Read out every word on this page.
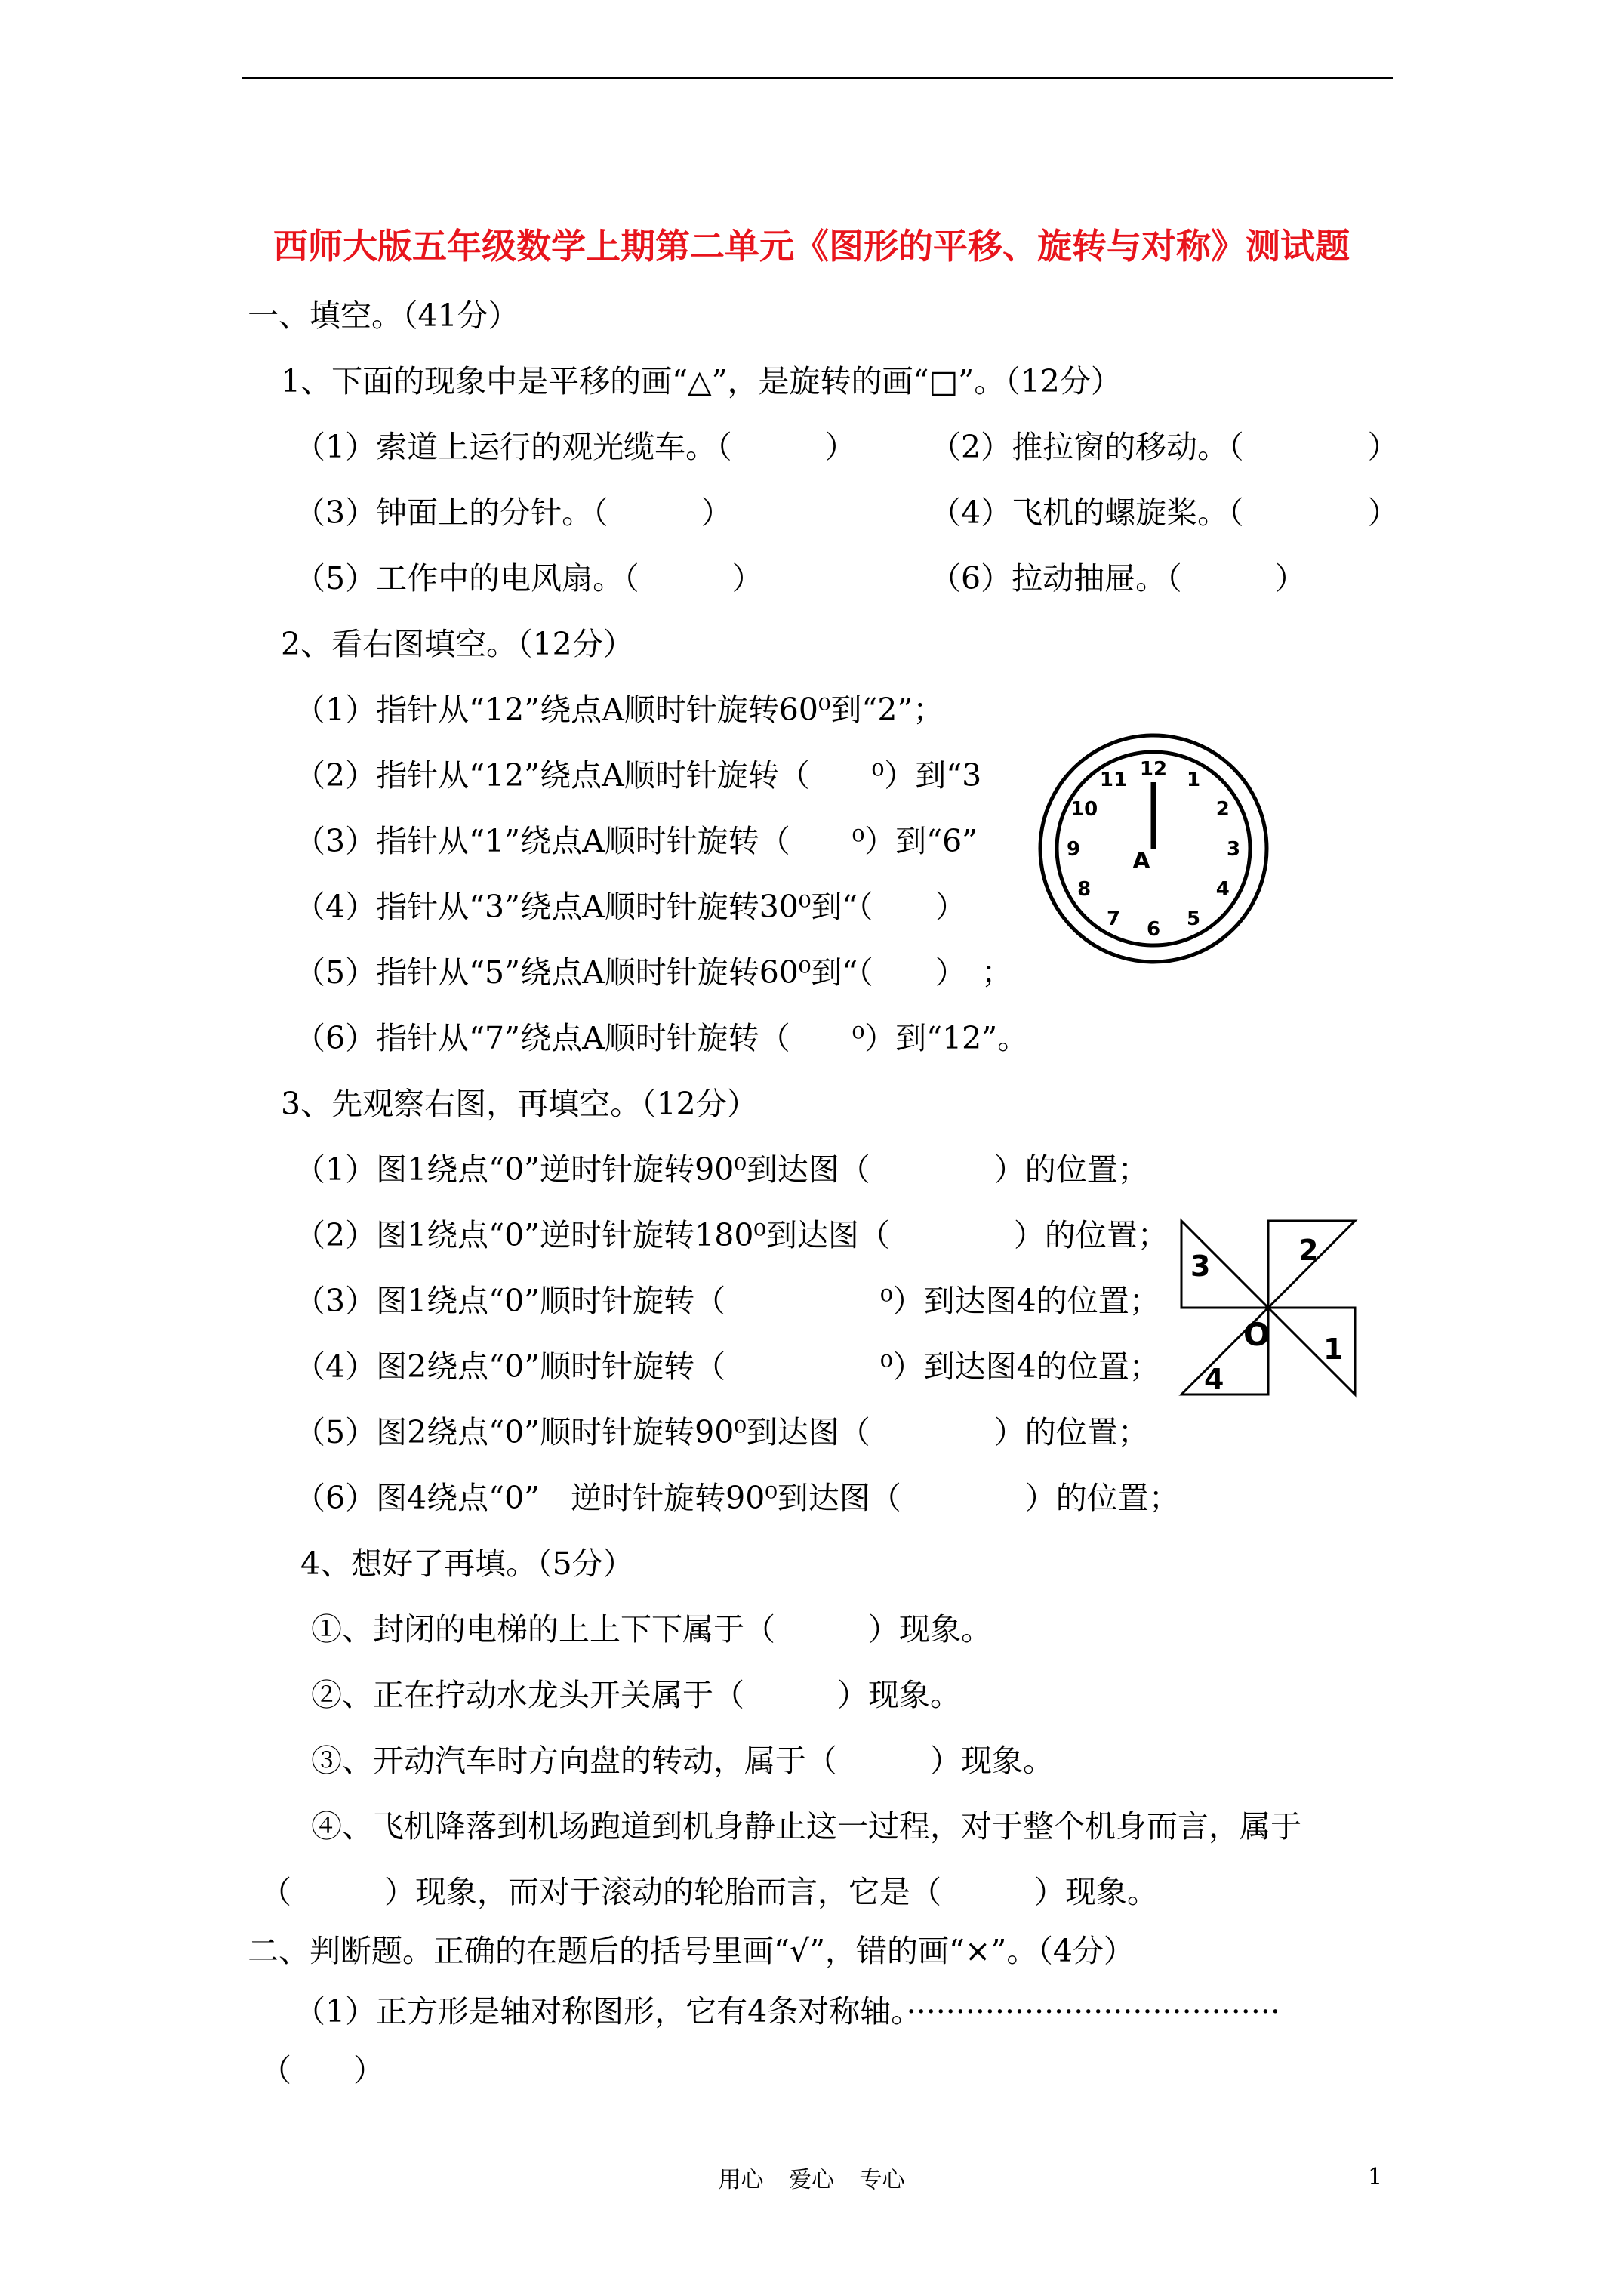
西师大版五年级数学上期第二单元《图形的平移、旋转与对称》测试题
一、填空。（41分）
1、下面的现象中是平移的画“△”，是旋转的画“□”。（12分）
（1）索道上运行的观光缆车。（　　　） （2）推拉窗的移动。（　　　　）
（3）钟面上的分针。（　　　）	（4）飞机的螺旋桨。（　　　　）
（5）工作中的电风扇。（　　　）	（6）拉动抽屉。（　　　）
2、看右图填空。（12分）
（1）指针从“12”绕点A顺时针旋转60⁰到“2”；
（2）指针从“12”绕点A顺时针旋转（　　⁰）到“3
（3）指针从“1”绕点A顺时针旋转（　　⁰）到“6”
（4）指针从“3”绕点A顺时针旋转30⁰到“（　　）
（5）指针从“5”绕点A顺时针旋转60⁰到“（　　）　；
（6）指针从“7”绕点A顺时针旋转（　　⁰）到“12”。
12 1
2
3
4
5
6
7
8
9
10
11
A
3、先观察右图，再填空。（12分）
（1）图1绕点“0”逆时针旋转90⁰到达图（　　　　）的位置；
（2）图1绕点“0”逆时针旋转180⁰到达图（　　　　）的位置；
（3）图1绕点“0”顺时针旋转（　　　　　⁰）到达图4的位置；
（4）图2绕点“0”顺时针旋转（　　　　　⁰）到达图4的位置；
（5）图2绕点“0”顺时针旋转90⁰到达图（　　　　）的位置；
（6）图4绕点“0”　逆时针旋转90⁰到达图（　　　　）的位置；
1
2
3
4
O
4、想好了再填。（5分）
①、封闭的电梯的上上下下属于（　　　）现象。
②、正在拧动水龙头开关属于（　　　）现象。
③、开动汽车时方向盘的转动，属于（　　　）现象。
④、飞机降落到机场跑道到机身静止这一过程，对于整个机身而言，属于
（　　　）现象，而对于滚动的轮胎而言，它是（　　　）现象。
二、判断题。正确的在题后的括号里画“√”，错的画“×”。（4分）
（1）正方形是轴对称图形，它有4条对称轴。······································
（　　）
用心 爱心 专心	1
